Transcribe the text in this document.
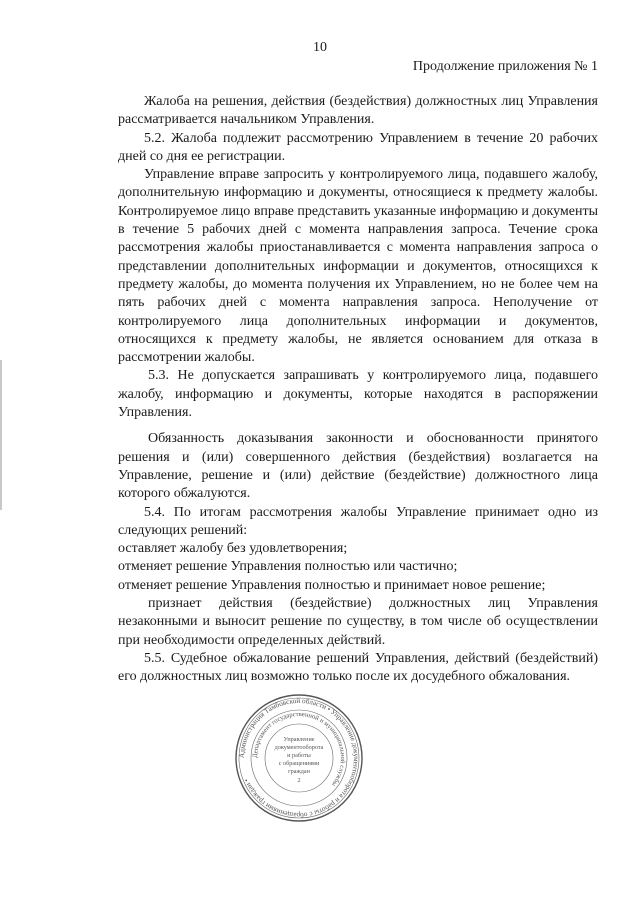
10
Продолжение приложения № 1

Жалоба на решения, действия (бездействия) должностных лиц Управления рассматривается начальником Управления.

5.2. Жалоба подлежит рассмотрению Управлением в течение 20 рабочих дней со дня ее регистрации.

Управление вправе запросить у контролируемого лица, подавшего жалобу, дополнительную информацию и документы, относящиеся к предмету жалобы. Контролируемое лицо вправе представить указанные информацию и документы в течение 5 рабочих дней с момента направления запроса. Течение срока рассмотрения жалобы приостанавливается с момента направления запроса о представлении дополнительных информации и документов, относящихся к предмету жалобы, до момента получения их Управлением, но не более чем на пять рабочих дней с момента направления запроса. Неполучение от контролируемого лица дополнительных информации и документов, относящихся к предмету жалобы, не является основанием для отказа в рассмотрении жалобы.

5.3. Не допускается запрашивать у контролируемого лица, подавшего жалобу, информацию и документы, которые находятся в распоряжении Управления.

Обязанность доказывания законности и обоснованности принятого решения и (или) совершенного действия (бездействия) возлагается на Управление, решение и (или) действие (бездействие) должностного лица которого обжалуются.

5.4. По итогам рассмотрения жалобы Управление принимает одно из следующих решений:

оставляет жалобу без удовлетворения;

отменяет решение Управления полностью или частично;

отменяет решение Управления полностью и принимает новое решение;

признает действия (бездействие) должностных лиц Управления незаконными и выносит решение по существу, в том числе об осуществлении при необходимости определенных действий.

5.5. Судебное обжалование решений Управления, действий (бездействий) его должностных лиц возможно только после их досудебного обжалования.

Администрация Тамбовской области • Управление документооборота и работы с обращениями граждан •
Департамент государственной и муниципальной службы
Управление
документооборота
и работы
с обращениями
граждан
2
